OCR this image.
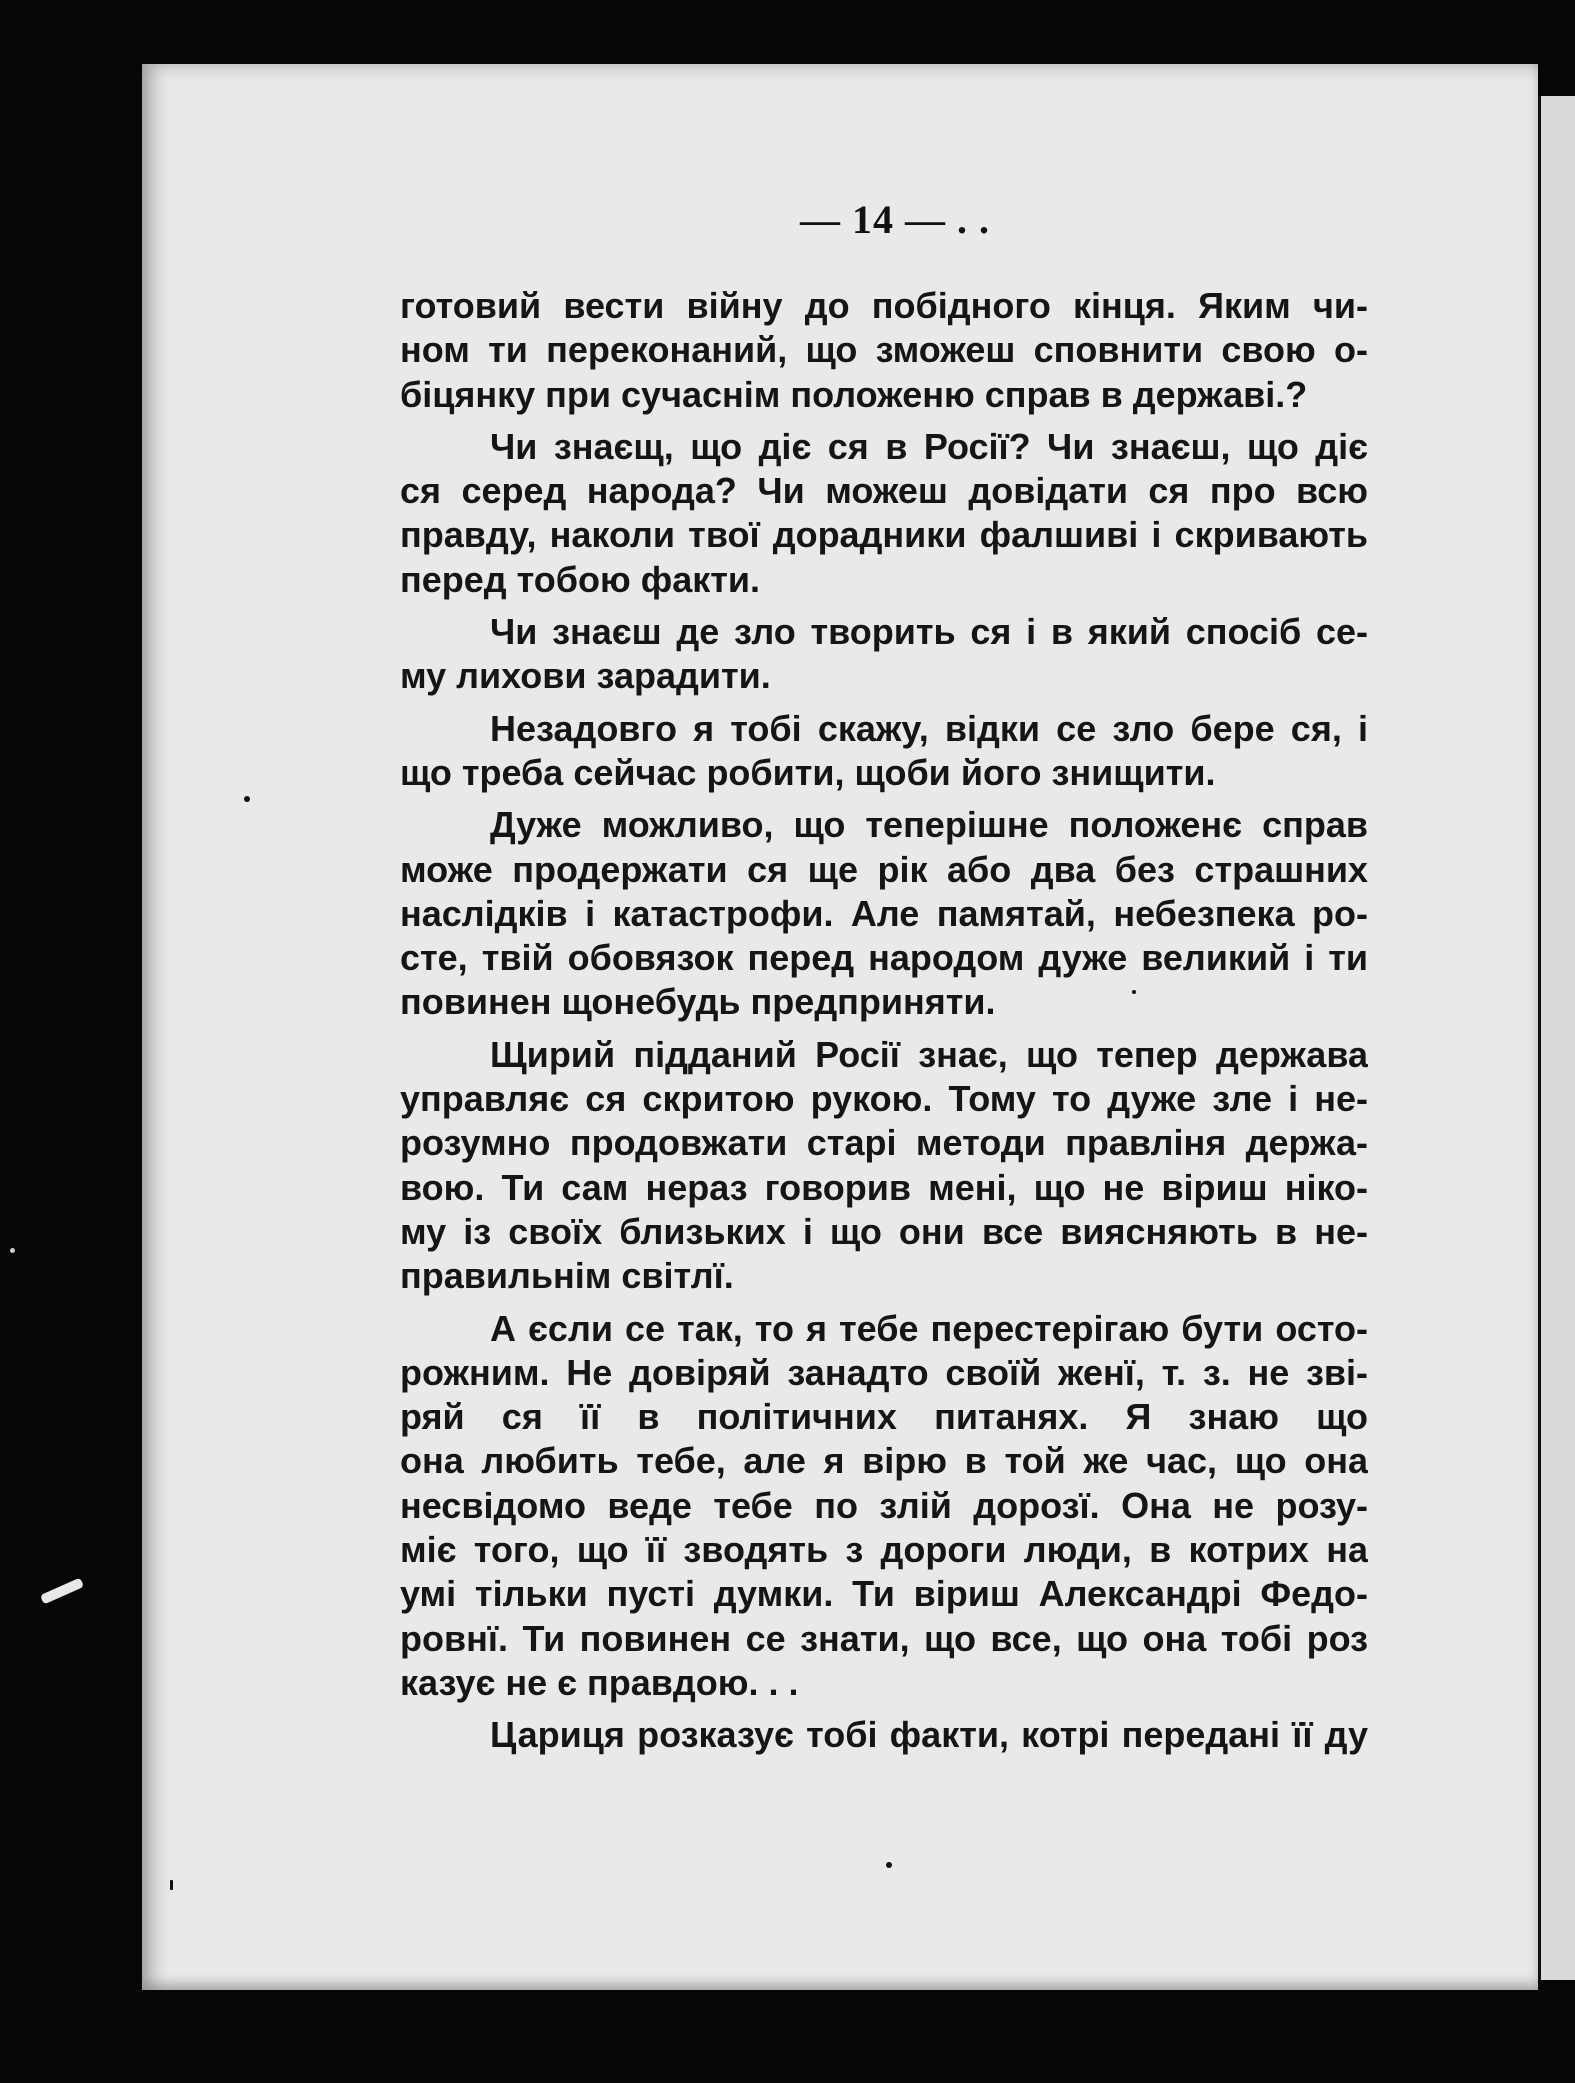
— 14 — . .
готовий вести війну до побідного кінця. Яким чи-
ном ти переконаний, що зможеш сповнити свою о-
біцянку при сучаснім положеню справ в державі.?
Чи знаєщ, що діє ся в Росії? Чи знаєш, що діє
ся серед народа? Чи можеш довідати ся про всю
правду, наколи твої дорадники фалшиві і скривають
перед тобою факти.
Чи знаєш де зло творить ся і в який спосіб се-
му лихови зарадити.
Незадовго я тобі скажу, відки се зло бере ся, і
що треба сейчас робити, щоби його знищити.
Дуже можливо, що теперішне положенє справ
може продержати ся ще рік або два без страшних
наслідків і катастрофи. Але памятай, небезпека ро-
сте, твій обовязок перед народом дуже великий і ти
повинен щонебудь предприняти.
Щирий підданий Росії знає, що тепер держава
управляє ся скритою рукою. Тому то дуже зле і не-
розумно продовжати старі методи правліня держа-
вою. Ти сам нераз говорив мені, що не віриш ніко-
му із своїх близьких і що они все виясняють в не-
правильнім світлї.
А єсли се так, то я тебе перестерігаю бути осто-
рожним. Не довіряй занадто своїй женї, т. з. не зві-
ряй ся її в політичних питанях. Я знаю що
она любить тебе, але я вірю в той же час, що она
несвідомо веде тебе по злій дорозї. Она не розу-
міє того, що її зводять з дороги люди, в котрих на
умі тільки пусті думки. Ти віриш Александрі Федо-
ровнї. Ти повинен се знати, що все, що она тобі роз
казує не є правдою. . .
Цариця розказує тобі факти, котрі передані її ду
